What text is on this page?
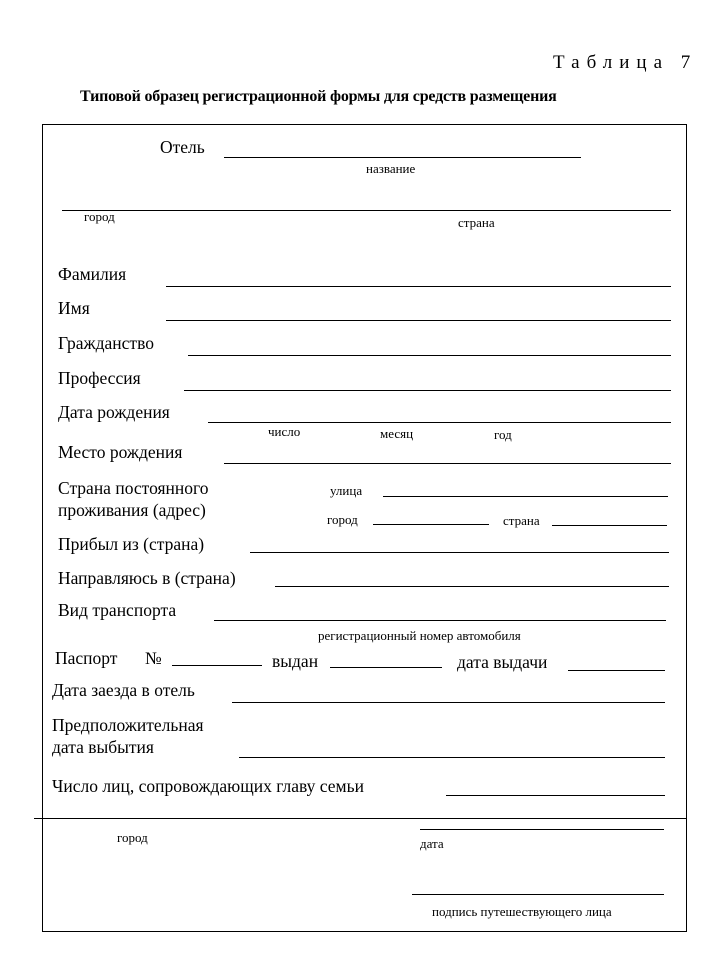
Таблица 7
Типовой образец регистрационной формы для средств размещения
Отель
название
город	страна
Фамилия
Имя
Гражданство
Профессия
Дата рождения
число	месяц	год
Место рождения
Страна постоянного
проживания (адрес)
улица
город	страна
Прибыл из (страна)
Направляюсь в (страна)
Вид транспорта
регистрационный номер автомобиля
Паспорт №	выдан	дата выдачи
Дата заезда в отель
Предположительная
дата выбытия
Число лиц, сопровождающих главу семьи
город	дата
подпись путешествующего лица
